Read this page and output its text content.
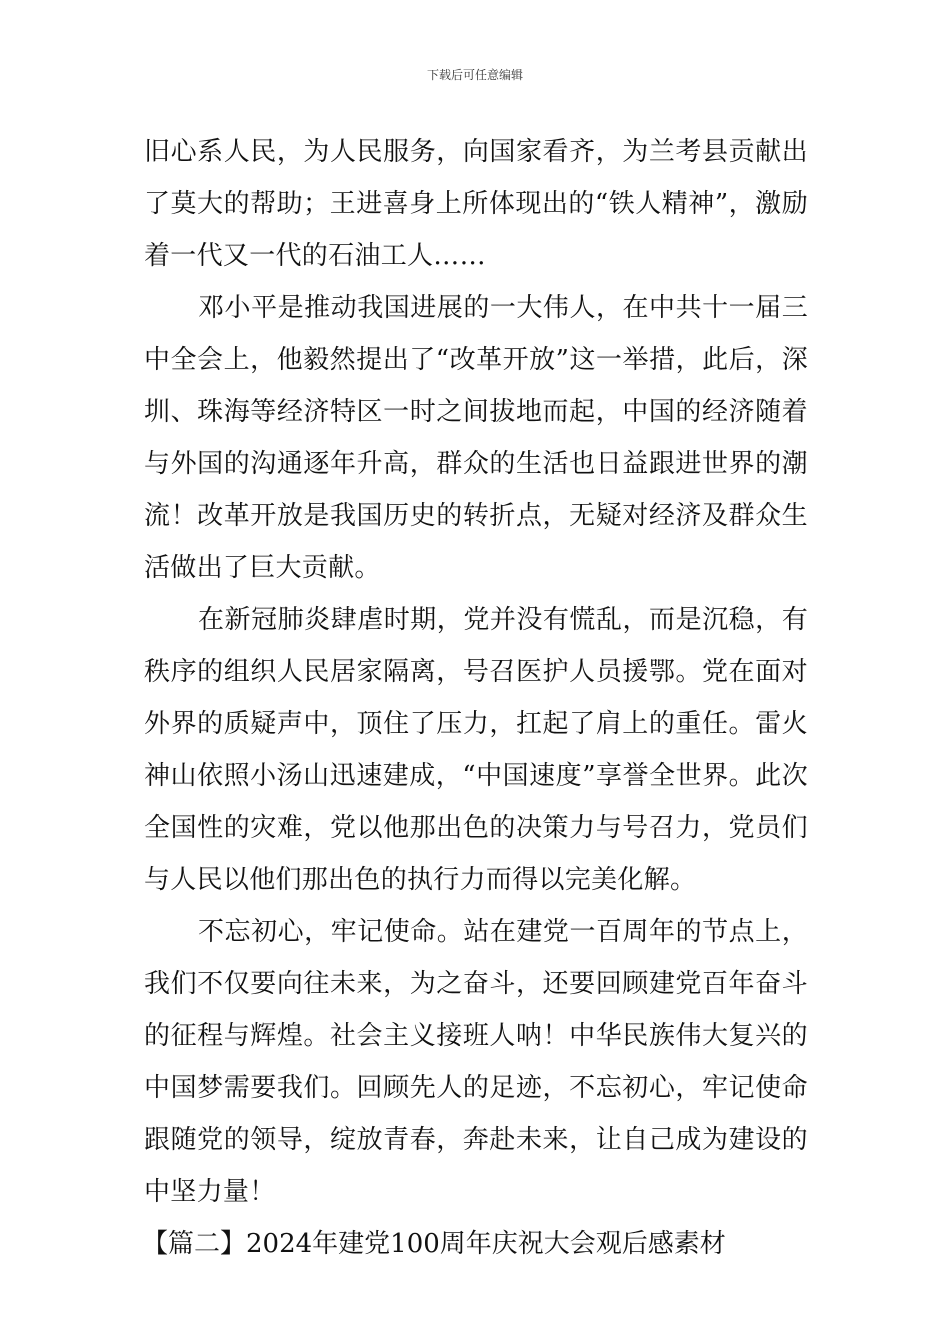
下载后可任意编辑

旧心系人民，为人民服务，向国家看齐，为兰考县贡献出了莫大的帮助；王进喜身上所体现出的“铁人精神”，激励着一代又一代的石油工人……

邓小平是推动我国进展的一大伟人，在中共十一届三中全会上，他毅然提出了“改革开放”这一举措，此后，深圳、珠海等经济特区一时之间拔地而起，中国的经济随着与外国的沟通逐年升高，群众的生活也日益跟进世界的潮流！改革开放是我国历史的转折点，无疑对经济及群众生活做出了巨大贡献。

在新冠肺炎肆虐时期，党并没有慌乱，而是沉稳，有秩序的组织人民居家隔离，号召医护人员援鄂。党在面对外界的质疑声中，顶住了压力，扛起了肩上的重任。雷火神山依照小汤山迅速建成，“中国速度”享誉全世界。此次全国性的灾难，党以他那出色的决策力与号召力，党员们与人民以他们那出色的执行力而得以完美化解。

不忘初心，牢记使命。站在建党一百周年的节点上，我们不仅要向往未来，为之奋斗，还要回顾建党百年奋斗的征程与辉煌。社会主义接班人呐！中华民族伟大复兴的中国梦需要我们。回顾先人的足迹，不忘初心，牢记使命跟随党的领导，绽放青春，奔赴未来，让自己成为建设的中坚力量！

【篇二】2024年建党100周年庆祝大会观后感素材
